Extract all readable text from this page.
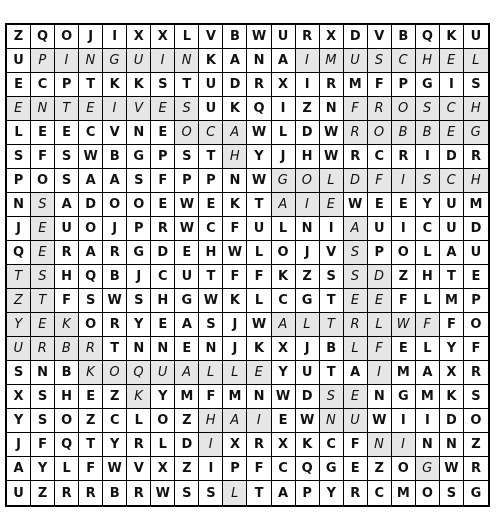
Z	Q O	J	I	X	X	L	V	B W U	R	X	D	V	B	Q	K	U
U	P	I	N	G	U	I	N	K	A	N	A	I	M	U	S	C	H	E	L
E	C	P	T	K	K	S	T	U	D	R	X	I	R M	F	P	G	I	S
E	N	T	E	I	V	E	S	U	K	Q	I	Z	N	F	R	O	S	C	H
L	E	E	C	V	N	E	O	C	A W L	D W R	O	B	B	E	G
S	F	S W B	G	P	S	T	H	Y	J	H W R	C	R	I	D	R
P	O	S	A	A	S	F	P	P	N W G	O	L	D	F	I	S	C	H
N	S	A	D	O	O	E W E	K	T	A	I	E W E	E	Y	U M
J	E	U	O	J	P	R W C	F	U	L	N	I	A	U	I	C	U	D
Q	E	R	A	R	G	D	E	H W L	O	J	V	S	P	O	L	A	U
T	S	H	Q	B	J	C	U	T	F	F	K	Z	S	S	D	Z	H	T	E
Z	T	F	S W S	H	G W K	L	C	G	T	E	E	F	L	M	P
Y	E	K	O	R	Y	E	A	S	J	W A	L	T	R	L	W	F	F	O
U	R	B	R	T	N	N	E	N	J	K	X	J	B	L	F	E	L	Y	F
S	N	B	K	O	Q	U	A	L	L	E	Y	U	T	A	I	M A	X	R
X	S	H	E	Z	K	Y M	F	M N W D	S	E	N	G M K	S
Y	S	O	Z	C	L	O	Z	H	A	I	E W N	U W	I	I	D	O
J	F	Q	T	Y	R	L	D	I	X	R	X	K	C	F	N	I	N	N	Z
A	Y	L	F W V	X	Z	I	P	F	C	Q	G	E	Z	O	G W R
U	Z	R	R	B	R W S	S	L	T	A	P	Y	R	C M O	S	G
